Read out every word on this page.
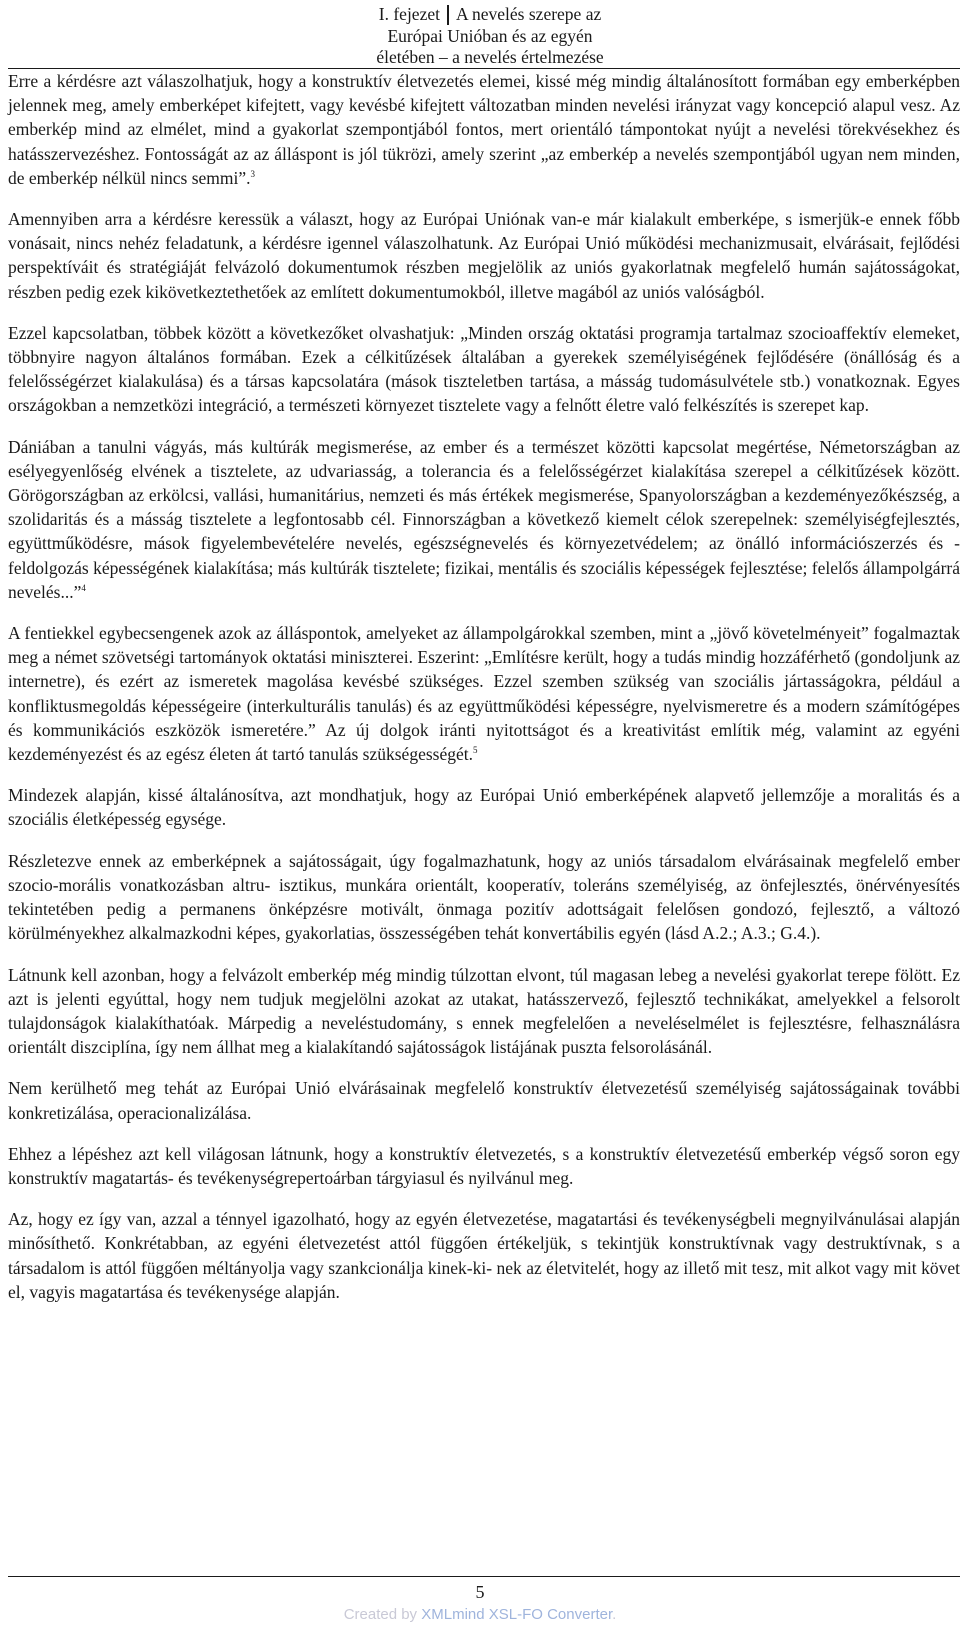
I. fejezet A nevelés szerepe az
Európai Unióban és az egyén
életében – a nevelés értelmezése

Erre a kérdésre azt válaszolhatjuk, hogy a konstruktív életvezetés elemei, kissé még mindig általánosított formában egy emberképben jelennek meg, amely emberképet kifejtett, vagy kevésbé kifejtett változatban minden nevelési irányzat vagy koncepció alapul vesz. Az emberkép mind az elmélet, mind a gyakorlat szempontjából fontos, mert orientáló támpontokat nyújt a nevelési törekvésekhez és hatásszervezéshez. Fontosságát az az álláspont is jól tükrözi, amely szerint „az emberkép a nevelés szempontjából ugyan nem minden, de emberkép nélkül nincs semmi”.$^3$

Amennyiben arra a kérdésre keressük a választ, hogy az Európai Uniónak van-e már kialakult emberképe, s ismerjük-e ennek főbb vonásait, nincs nehéz feladatunk, a kérdésre igennel válaszolhatunk. Az Európai Unió működési mechanizmusait, elvárásait, fejlődési perspektíváit és stratégiáját felvázoló dokumentumok részben megjelölik az uniós gyakorlatnak megfelelő humán sajátosságokat, részben pedig ezek kikövetkeztethetőek az említett dokumentumokból, illetve magából az uniós valóságból.

Ezzel kapcsolatban, többek között a következőket olvashatjuk: „Minden ország oktatási programja tartalmaz szocioaffektív elemeket, többnyire nagyon általános formában. Ezek a célkitűzések általában a gyerekek személyiségének fejlődésére (önállóság és a felelősségérzet kialakulása) és a társas kapcsolatára (mások tiszteletben tartása, a másság tudomásulvétele stb.) vonatkoznak. Egyes országokban a nemzetközi integráció, a természeti környezet tisztelete vagy a felnőtt életre való felkészítés is szerepet kap.

Dániában a tanulni vágyás, más kultúrák megismerése, az ember és a természet közötti kapcsolat megértése, Németországban az esélyegyenlőség elvének a tisztelete, az udvariasság, a tolerancia és a felelősségérzet kialakítása szerepel a célkitűzések között. Görögországban az erkölcsi, vallási, humanitárius, nemzeti és más értékek megismerése, Spanyolországban a kezdeményezőkészség, a szolidaritás és a másság tisztelete a legfontosabb cél. Finnországban a következő kiemelt célok szerepelnek: személyiségfejlesztés, együttműködésre, mások figyelembevételére nevelés, egészségnevelés és környezetvédelem; az önálló információszerzés és -feldolgozás képességének kialakítása; más kultúrák tisztelete; fizikai, mentális és szociális képességek fejlesztése; felelős állampolgárrá nevelés...”$^4$

A fentiekkel egybecsengenek azok az álláspontok, amelyeket az állampolgárokkal szemben, mint a „jövő követelményeit” fogalmaztak meg a német szövetségi tartományok oktatási miniszterei. Eszerint: „Említésre került, hogy a tudás mindig hozzáférhető (gondoljunk az internetre), és ezért az ismeretek magolása kevésbé szükséges. Ezzel szemben szükség van szociális jártasságokra, például a konfliktusmegoldás képességeire (interkulturális tanulás) és az együttműködési képességre, nyelvismeretre és a modern számítógépes és kommunikációs eszközök ismeretére.” Az új dolgok iránti nyitottságot és a kreativitást említik még, valamint az egyéni kezdeményezést és az egész életen át tartó tanulás szükségességét.$^5$

Mindezek alapján, kissé általánosítva, azt mondhatjuk, hogy az Európai Unió emberképének alapvető jellemzője a moralitás és a szociális életképesség egysége.

Részletezve ennek az emberképnek a sajátosságait, úgy fogalmazhatunk, hogy az uniós társadalom elvárásainak megfelelő ember szocio-morális vonatkozásban altru- isztikus, munkára orientált, kooperatív, toleráns személyiség, az önfejlesztés, önérvényesítés tekintetében pedig a permanens önképzésre motivált, önmaga pozitív adottságait felelősen gondozó, fejlesztő, a változó körülményekhez alkalmazkodni képes, gyakorlatias, összességében tehát konvertábilis egyén (lásd A.2.; A.3.; G.4.).

Látnunk kell azonban, hogy a felvázolt emberkép még mindig túlzottan elvont, túl magasan lebeg a nevelési gyakorlat terepe fölött. Ez azt is jelenti egyúttal, hogy nem tudjuk megjelölni azokat az utakat, hatásszervező, fejlesztő technikákat, amelyekkel a felsorolt tulajdonságok kialakíthatóak. Márpedig a neveléstudomány, s ennek megfelelően a neveléselmélet is fejlesztésre, felhasználásra orientált diszciplína, így nem állhat meg a kialakítandó sajátosságok listájának puszta felsorolásánál.

Nem kerülhető meg tehát az Európai Unió elvárásainak megfelelő konstruktív életvezetésű személyiség sajátosságainak további konkretizálása, operacionalizálása.

Ehhez a lépéshez azt kell világosan látnunk, hogy a konstruktív életvezetés, s a konstruktív életvezetésű emberkép végső soron egy konstruktív magatartás- és tevékenységrepertoárban tárgyiasul és nyilvánul meg.

Az, hogy ez így van, azzal a ténnyel igazolható, hogy az egyén életvezetése, magatartási és tevékenységbeli megnyilvánulásai alapján minősíthető. Konkrétabban, az egyéni életvezetést attól függően értékeljük, s tekintjük konstruktívnak vagy destruktívnak, s a társadalom is attól függően méltányolja vagy szankcionálja kinek-ki- nek az életvitelét, hogy az illető mit tesz, mit alkot vagy mit követ el, vagyis magatartása és tevékenysége alapján.

5
Created by XMLmind XSL-FO Converter.
